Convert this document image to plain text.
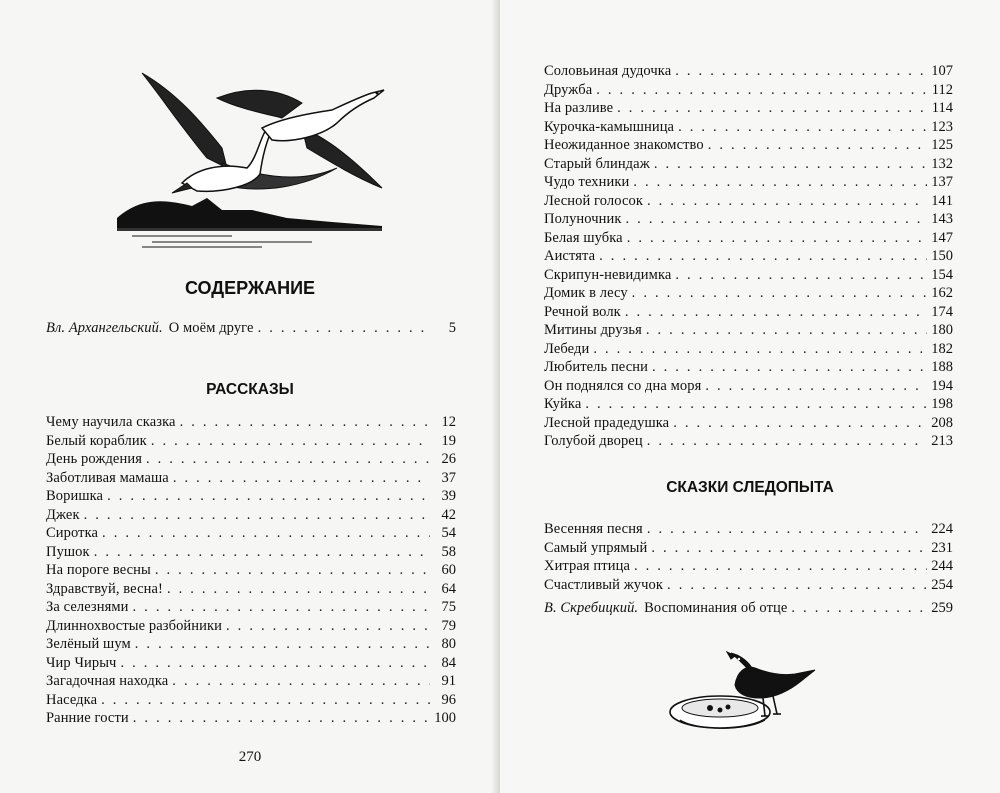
СОДЕРЖАНИЕ
Вл. Архангельский. О моём друге . . .	5
РАССКАЗЫ
Чему научила сказка . . .	12
Белый кораблик . . .	19
День рождения . . .	26
Заботливая мамаша . . .	37
Воришка . . .	39
Джек . . .	42
Сиротка . . .	54
Пушок . . .	58
На пороге весны . . .	60
Здравствуй, весна! . . .	64
За селезнями . . .	75
Длиннохвостые разбойники . . .	79
Зелёный шум . . .	80
Чир Чирыч . . .	84
Загадочная находка . . .	91
Наседка . . .	96
Ранние гости . . .	100
270
Соловьиная дудочка . . .	107
Дружба . . .	112
На разливе . . .	114
Курочка-камышница . . .	123
Неожиданное знакомство . . .	125
Старый блиндаж . . .	132
Чудо техники . . .	137
Лесной голосок . . .	141
Полуночник . . .	143
Белая шубка . . .	147
Аистята . . .	150
Скрипун-невидимка . . .	154
Домик в лесу . . .	162
Речной волк . . .	174
Митины друзья . . .	180
Лебеди . . .	182
Любитель песни . . .	188
Он поднялся со дна моря . . .	194
Куйка . . .	198
Лесной прадедушка . . .	208
Голубой дворец . . .	213
СКАЗКИ СЛЕДОПЫТА
Весенняя песня . . .	224
Самый упрямый . . .	231
Хитрая птица . . .	244
Счастливый жучок . . .	254
В. Скребицкий. Воспоминания об отце . . .	259
